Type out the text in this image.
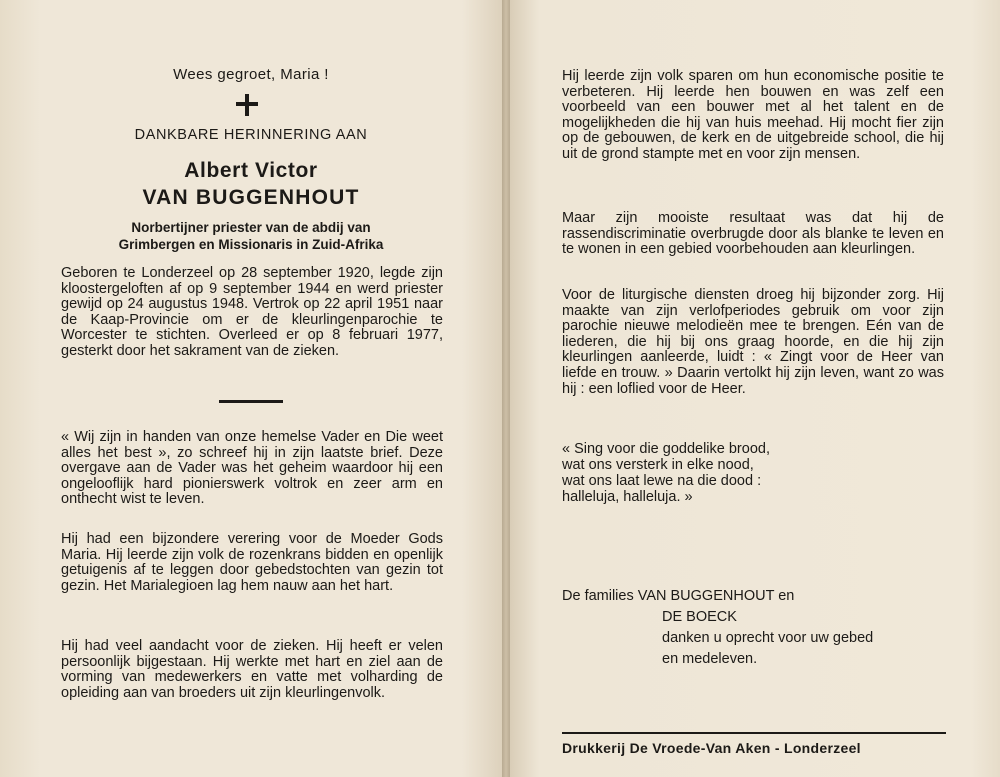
Wees gegroet, Maria !
DANKBARE HERINNERING AAN
Albert Victor
VAN BUGGENHOUT
Norbertijner priester van de abdij van
Grimbergen en Missionaris in Zuid-Afrika

Geboren te Londerzeel op 28 september 1920, legde zijn kloostergeloften af op 9 september 1944 en werd priester gewijd op 24 augustus 1948. Vertrok op 22 april 1951 naar de Kaap-Provincie om er de kleurlingenparochie te Worcester te stichten. Overleed er op 8 februari 1977, gesterkt door het sakrament van de zieken.

« Wij zijn in handen van onze hemelse Vader en Die weet alles het best », zo schreef hij in zijn laatste brief. Deze overgave aan de Vader was het geheim waardoor hij een ongelooflijk hard pionierswerk voltrok en zeer arm en onthecht wist te leven.

Hij had een bijzondere verering voor de Moeder Gods Maria. Hij leerde zijn volk de rozenkrans bidden en openlijk getuigenis af te leggen door gebedstochten van gezin tot gezin. Het Marialegioen lag hem nauw aan het hart.

Hij had veel aandacht voor de zieken. Hij heeft er velen persoonlijk bijgestaan. Hij werkte met hart en ziel aan de vorming van medewerkers en vatte met volharding de opleiding aan van broeders uit zijn kleurlingenvolk.

Hij leerde zijn volk sparen om hun economische positie te verbeteren. Hij leerde hen bouwen en was zelf een voorbeeld van een bouwer met al het talent en de mogelijkheden die hij van huis meehad. Hij mocht fier zijn op de gebouwen, de kerk en de uitgebreide school, die hij uit de grond stampte met en voor zijn mensen.

Maar zijn mooiste resultaat was dat hij de rassendiscriminatie overbrugde door als blanke te leven en te wonen in een gebied voorbehouden aan kleurlingen.

Voor de liturgische diensten droeg hij bijzonder zorg. Hij maakte van zijn verlofperiodes gebruik om voor zijn parochie nieuwe melodieën mee te brengen. Eén van de liederen, die hij bij ons graag hoorde, en die hij zijn kleurlingen aanleerde, luidt : « Zingt voor de Heer van liefde en trouw. » Daarin vertolkt hij zijn leven, want zo was hij : een loflied voor de Heer.

« Sing voor die goddelike brood,
wat ons versterk in elke nood,
wat ons laat lewe na die dood :
halleluja, halleluja. »
De families VAN BUGGENHOUT en
DE BOECK
danken u oprecht voor uw gebed
en medeleven.
Drukkerij De Vroede-Van Aken - Londerzeel
